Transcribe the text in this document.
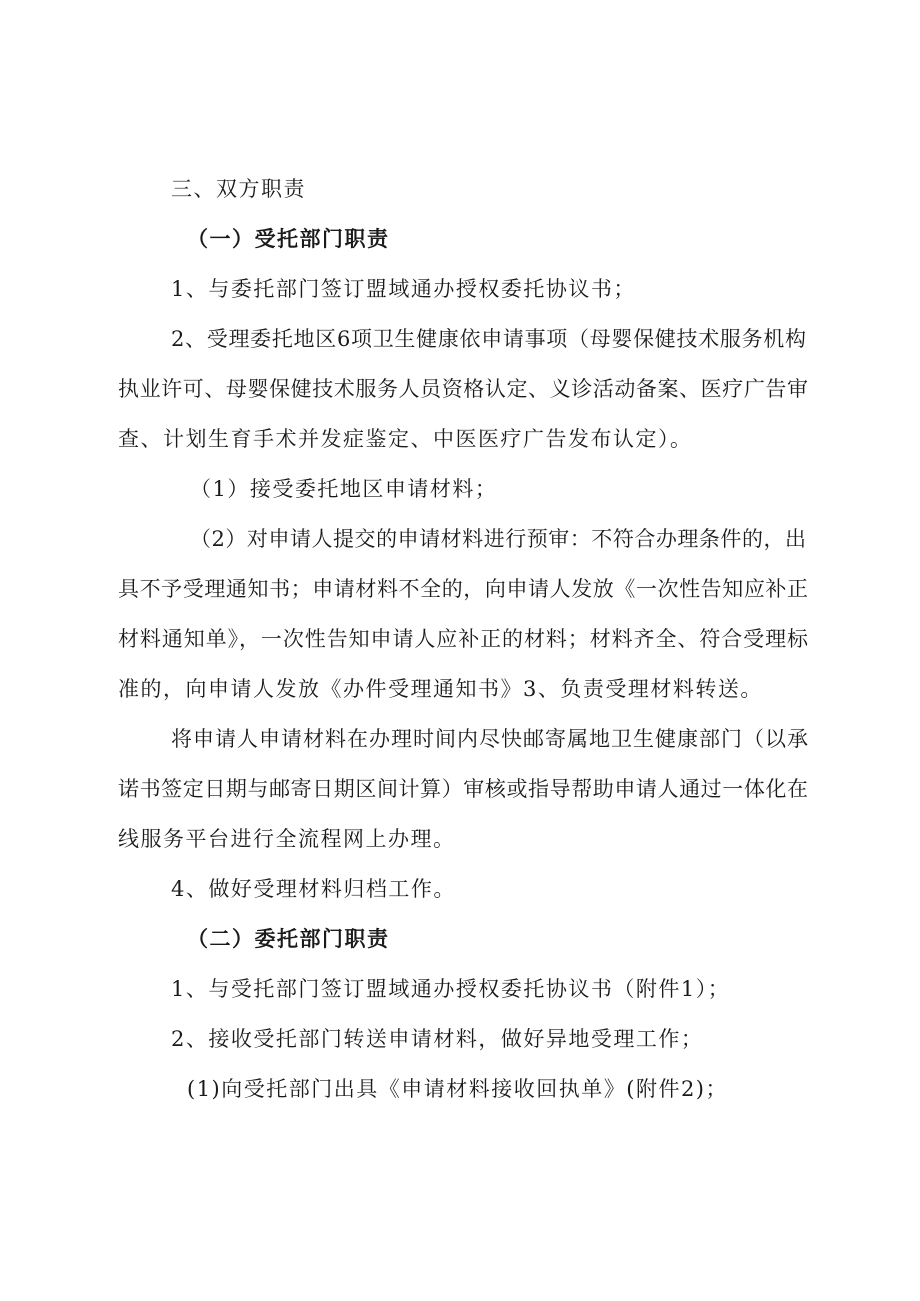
三、双方职责
（一）受托部门职责
1、与委托部门签订盟域通办授权委托协议书；
2、受理委托地区6项卫生健康依申请事项（母婴保健技术服务机构
执业许可、母婴保健技术服务人员资格认定、义诊活动备案、医疗广告审
查、计划生育手术并发症鉴定、中医医疗广告发布认定）。
（1）接受委托地区申请材料；
（2）对申请人提交的申请材料进行预审：不符合办理条件的，出
具不予受理通知书；申请材料不全的，向申请人发放《一次性告知应补正
材料通知单》，一次性告知申请人应补正的材料；材料齐全、符合受理标
准的，向申请人发放《办件受理通知书》3、负责受理材料转送。
将申请人申请材料在办理时间内尽快邮寄属地卫生健康部门（以承
诺书签定日期与邮寄日期区间计算）审核或指导帮助申请人通过一体化在
线服务平台进行全流程网上办理。
4、做好受理材料归档工作。
（二）委托部门职责
1、与受托部门签订盟域通办授权委托协议书（附件1）；
2、接收受托部门转送申请材料，做好异地受理工作；
(1)向受托部门出具《申请材料接收回执单》(附件2)；
